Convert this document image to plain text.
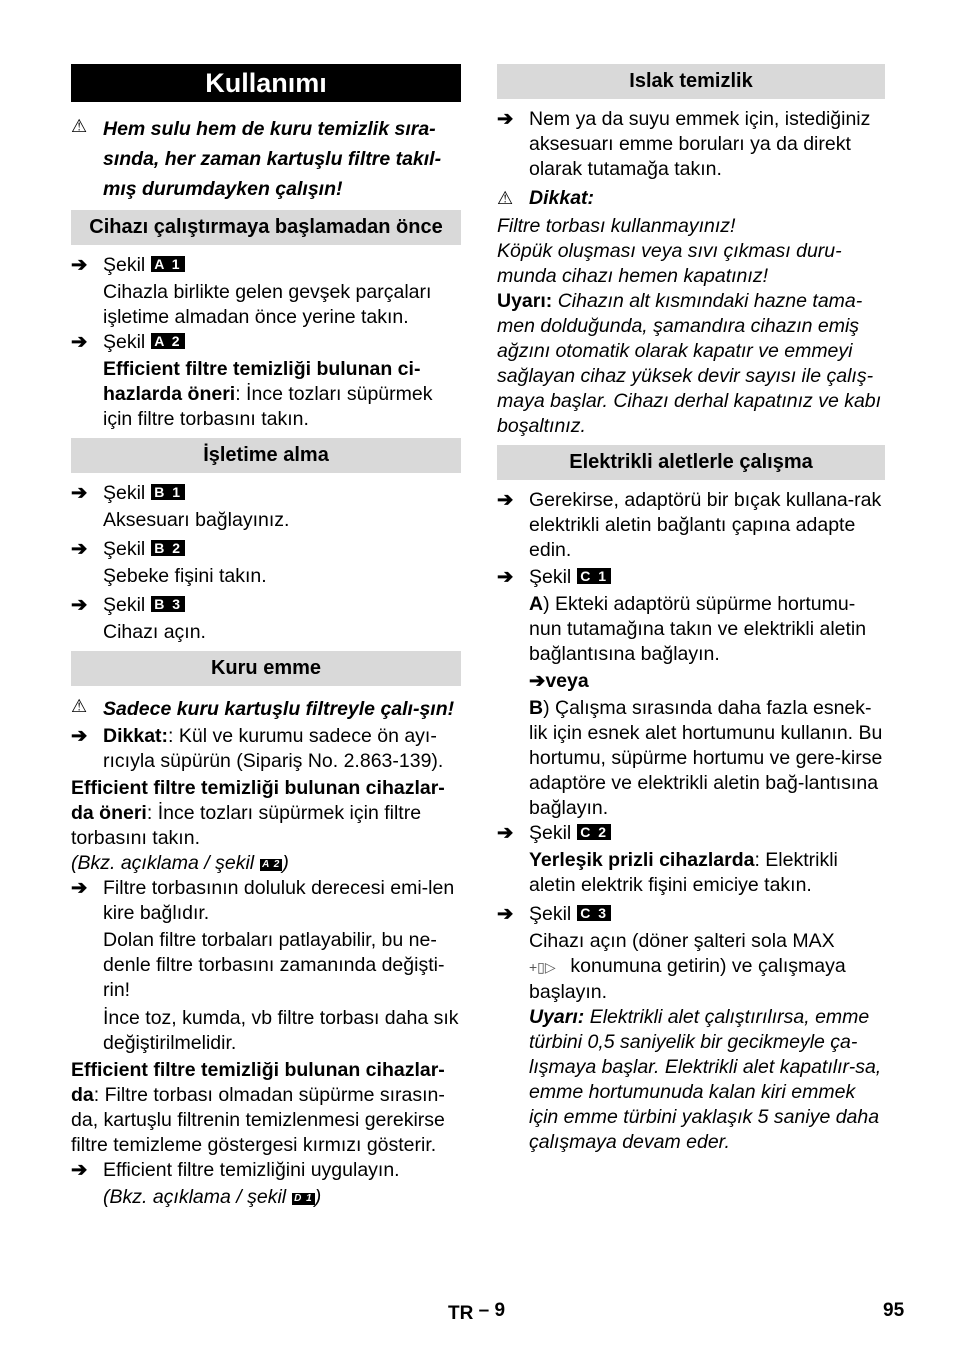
Kullanımı
⚠ Hem sulu hem de kuru temizlik sıra-sında, her zaman kartuşlu filtre takıl-mış durumdayken çalışın!
Cihazı çalıştırmaya başlamadan önce
➔ Şekil A 1

Cihazla birlikte gelen gevşek parçaları işletime almadan önce yerine takın.

➔ Şekil A 2

Efficient filtre temizliği bulunan ci-hazlarda öneri: İnce tozları süpürmek için filtre torbasını takın.

İşletime alma
➔ Şekil B 1

Aksesuarı bağlayınız.

➔ Şekil B 2

Şebeke fişini takın.

➔ Şekil B 3

Cihazı açın.

Kuru emme
⚠ Sadece kuru kartuşlu filtreyle çalı-şın!
➔ Dikkat:: Kül ve kurumu sadece ön ayı-rıcıyla süpürün (Sipariş No. 2.863-139).

Efficient filtre temizliği bulunan cihazlar-da öneri: İnce tozları süpürmek için filtre torbasını takın.

(Bkz. açıklama / şekil A 2 )

➔ Filtre torbasının doluluk derecesi emi-len kire bağlıdır.

Dolan filtre torbaları patlayabilir, bu ne-denle filtre torbasını zamanında değişti-rin!

İnce toz, kumda, vb filtre torbası daha sık değiştirilmelidir.

Efficient filtre temizliği bulunan cihazlar-da: Filtre torbası olmadan süpürme sırasın-da, kartuşlu filtrenin temizlenmesi gerekirse filtre temizleme göstergesi kırmızı gösterir.

➔ Efficient filtre temizliğini uygulayın.

(Bkz. açıklama / şekil D 1 )

Islak temizlik
➔ Nem ya da suyu emmek için, istediğiniz aksesuarı emme boruları ya da direkt olarak tutamağa takın.
⚠ Dikkat:

Filtre torbası kullanmayınız!

Köpük oluşması veya sıvı çıkması duru-munda cihazı hemen kapatınız!

Uyarı: Cihazın alt kısmındaki hazne tama-men dolduğunda, şamandıra cihazın emiş ağzını otomatik olarak kapatır ve emmeyi sağlayan cihaz yüksek devir sayısı ile çalış-maya başlar. Cihazı derhal kapatınız ve kabı boşaltınız.

Elektrikli aletlerle çalışma
➔ Gerekirse, adaptörü bir bıçak kullana-rak elektrikli aletin bağlantı çapına adapte edin.
➔ Şekil C 1

A) Ekteki adaptörü süpürme hortumu-nun tutamağına takın ve elektrikli aletin bağlantısına bağlayın.

➔veya

B) Çalışma sırasında daha fazla esnek-lik için esnek alet hortumunu kullanın. Bu hortumu, süpürme hortumu ve gere-kirse adaptöre ve elektrikli aletin bağ-lantısına bağlayın.

➔ Şekil C 2

Yerleşik prizli cihazlarda: Elektrikli aletin elektrik fişini emiciye takın.

➔ Şekil C 3

Cihazı açın (döner şalteri sola MAX
+▯▷ konumuna getirin) ve çalışmaya başlayın.

Uyarı: Elektrikli alet çalıştırılırsa, emme türbini 0,5 saniyelik bir gecikmeyle ça-lışmaya başlar. Elektrikli alet kapatılır-sa, emme hortumunuda kalan kiri emmek için emme türbini yaklaşık 5 saniye daha çalışmaya devam eder.

TR – 9	95
